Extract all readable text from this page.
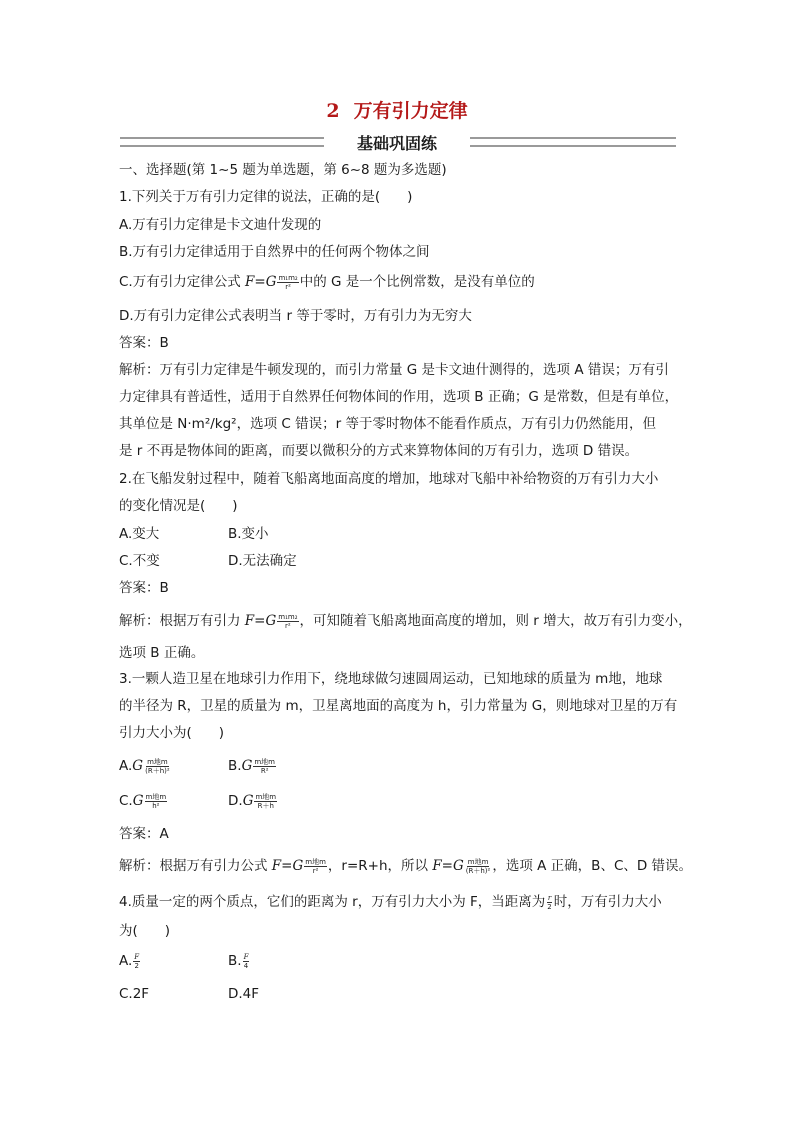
2 万有引力定律
基础巩固练
一、选择题(第 1~5 题为单选题，第 6~8 题为多选题)
1.下列关于万有引力定律的说法，正确的是(　　)
A.万有引力定律是卡文迪什发现的
B.万有引力定律适用于自然界中的任何两个物体之间
C.万有引力定律公式 $F=G \frac{\text{m₁m₂}}{\text{r²}}$ 中的 G 是一个比例常数，是没有单位的
D.万有引力定律公式表明当 r 等于零时，万有引力为无穷大
答案：B
解析：万有引力定律是牛顿发现的，而引力常量 G 是卡文迪什测得的，选项 A 错误；万有引
力定律具有普适性，适用于自然界任何物体间的作用，选项 B 正确；G 是常数，但是有单位，
其单位是 N·m²/kg²，选项 C 错误；r 等于零时物体不能看作质点，万有引力仍然能用，但
是 r 不再是物体间的距离，而要以微积分的方式来算物体间的万有引力，选项 D 错误。
2.在飞船发射过程中，随着飞船离地面高度的增加，地球对飞船中补给物资的万有引力大小
的变化情况是(　　)
A.变大	B.变小
C.不变	D.无法确定
答案：B
解析：根据万有引力 $F=G \frac{\text{m₁m₂}}{\text{r²}}$ ，可知随着飞船离地面高度的增加，则 r 增大，故万有引力变小，
选项 B 正确。
3.一颗人造卫星在地球引力作用下，绕地球做匀速圆周运动，已知地球的质量为 m地，地球
的半径为 R，卫星的质量为 m，卫星离地面的高度为 h，引力常量为 G，则地球对卫星的万有
引力大小为(　　)
$A.G \frac{\text{m地m}}{\text{(R＋h)²}}$	$B.G \frac{\text{m地m}}{\text{R²}}$
$C.G \frac{\text{m地m}}{\text{h²}}$	$D.G \frac{\text{m地m}}{R+h}$
答案：A
解析：根据万有引力公式 $F=G \frac{\text{m地m}}{\text{r²}}$ ，r=R+h，所以 $F=G \frac{\text{m地m}}{\text{(R＋h)²}}$ ，选项 A 正确，B、C、D 错误。
4.质量一定的两个质点，它们的距离为 r，万有引力大小为 F，当距离为 $\frac{r}{2}$ 时，万有引力大小
为(　　)
A. $\frac{F}{2}$	B. $\frac{F}{4}$
C.2F	D.4F
